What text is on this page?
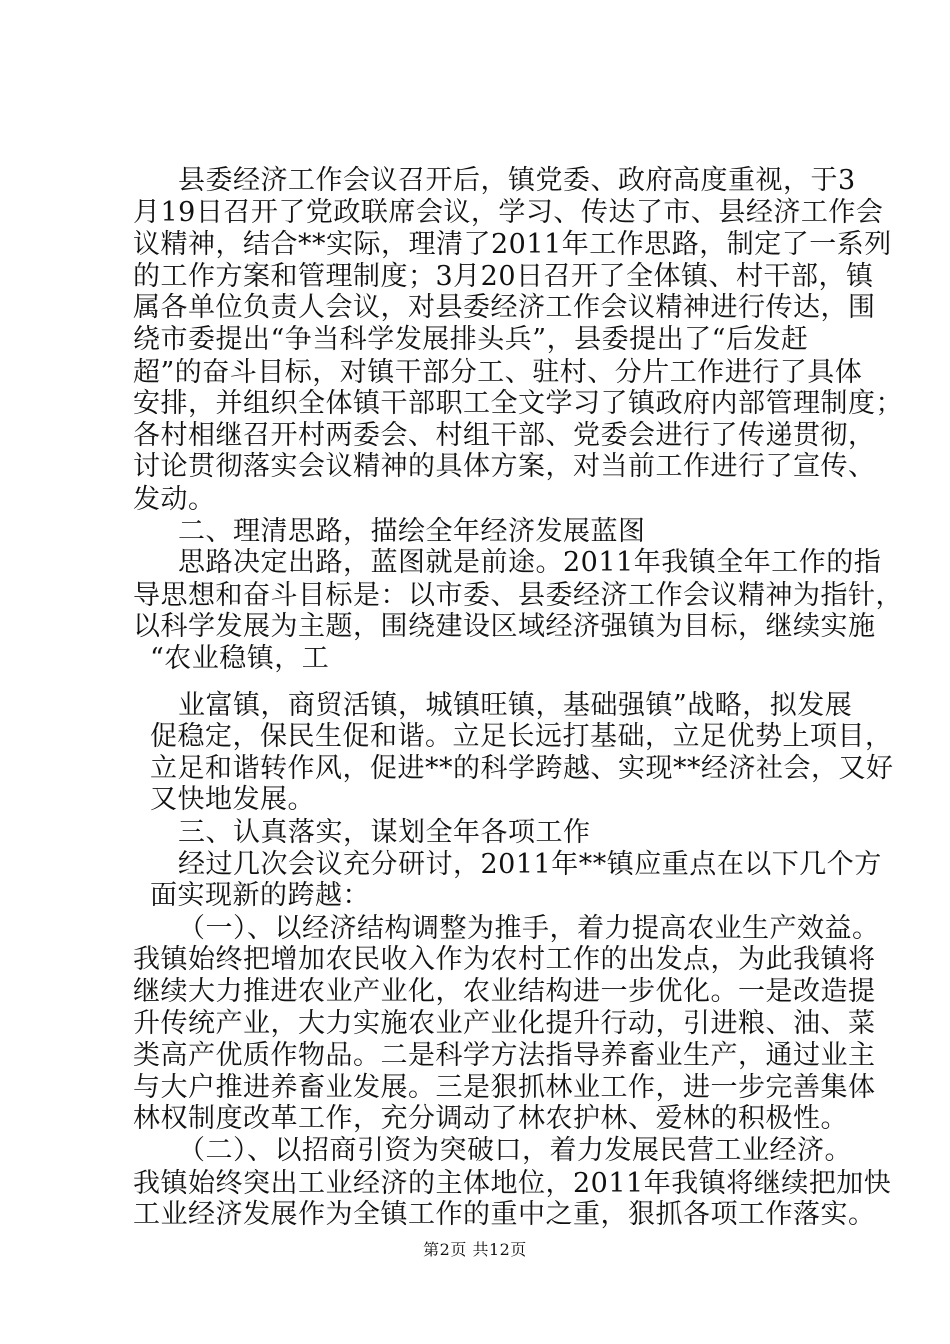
县委经济工作会议召开后，镇党委、政府高度重视，于3
月19日召开了党政联席会议，学习、传达了市、县经济工作会
议精神，结合**实际，理清了2011年工作思路，制定了一系列
的工作方案和管理制度；3月20日召开了全体镇、村干部，镇
属各单位负责人会议，对县委经济工作会议精神进行传达，围
绕市委提出“争当科学发展排头兵”，县委提出了“后发赶
超”的奋斗目标，对镇干部分工、驻村、分片工作进行了具体
安排，并组织全体镇干部职工全文学习了镇政府内部管理制度；
各村相继召开村两委会、村组干部、党委会进行了传递贯彻，
讨论贯彻落实会议精神的具体方案，对当前工作进行了宣传、
发动。
二、理清思路，描绘全年经济发展蓝图
思路决定出路，蓝图就是前途。2011年我镇全年工作的指
导思想和奋斗目标是：以市委、县委经济工作会议精神为指针，
以科学发展为主题，围绕建设区域经济强镇为目标，继续实施
“农业稳镇，工
业富镇，商贸活镇，城镇旺镇，基础强镇”战略，拟发展
促稳定，保民生促和谐。立足长远打基础，立足优势上项目，
立足和谐转作风，促进**的科学跨越、实现**经济社会，又好
又快地发展。
三、认真落实，谋划全年各项工作
经过几次会议充分研讨，2011年**镇应重点在以下几个方
面实现新的跨越：
（一）、以经济结构调整为推手，着力提高农业生产效益。
我镇始终把增加农民收入作为农村工作的出发点，为此我镇将
继续大力推进农业产业化，农业结构进一步优化。一是改造提
升传统产业，大力实施农业产业化提升行动，引进粮、油、菜
类高产优质作物品。二是科学方法指导养畜业生产，通过业主
与大户推进养畜业发展。三是狠抓林业工作，进一步完善集体
林权制度改革工作，充分调动了林农护林、爱林的积极性。
（二）、以招商引资为突破口，着力发展民营工业经济。
我镇始终突出工业经济的主体地位，2011年我镇将继续把加快
工业经济发展作为全镇工作的重中之重，狠抓各项工作落实。
第2页 共12页
